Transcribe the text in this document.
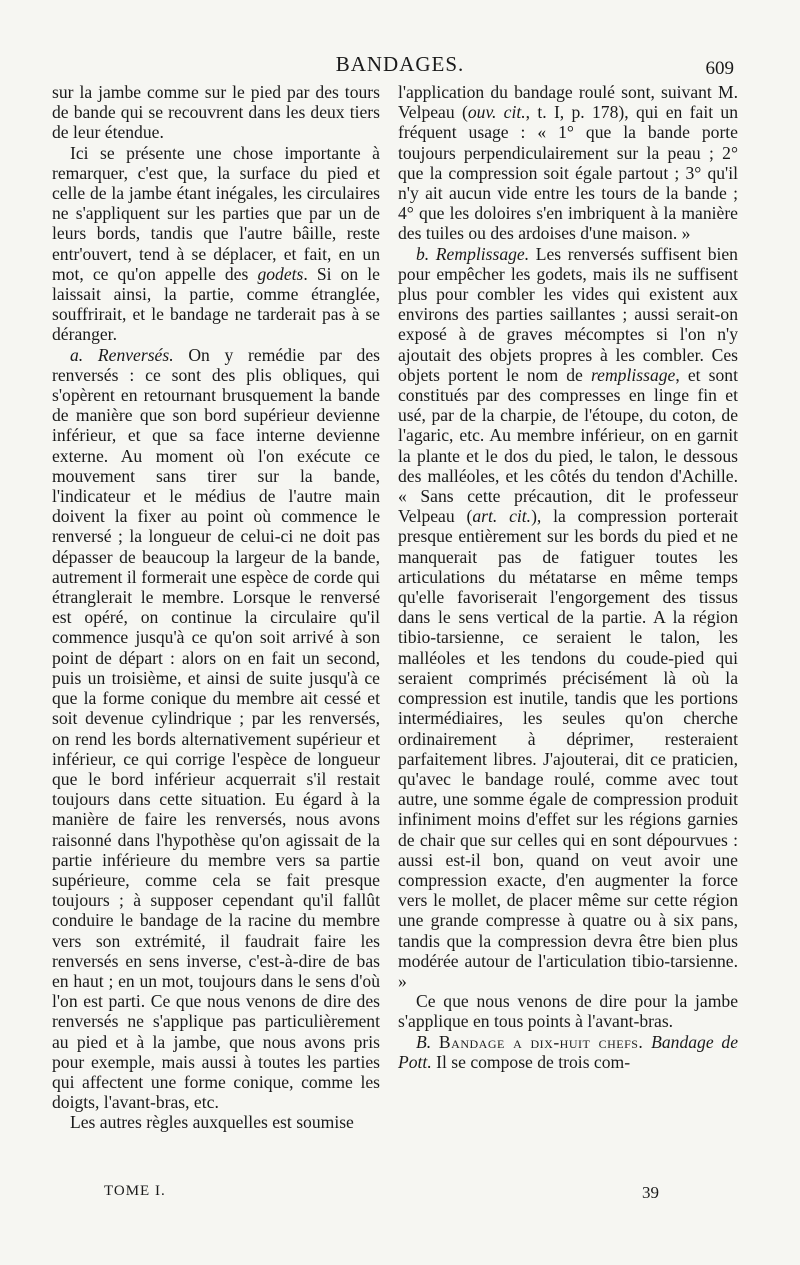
BANDAGES.	609

sur la jambe comme sur le pied par des tours de bande qui se recouvrent dans les deux tiers de leur étendue.

Ici se présente une chose importante à remarquer, c'est que, la surface du pied et celle de la jambe étant inégales, les circulaires ne s'appliquent sur les parties que par un de leurs bords, tandis que l'autre bâille, reste entr'ouvert, tend à se déplacer, et fait, en un mot, ce qu'on appelle des godets. Si on le laissait ainsi, la partie, comme étranglée, souffrirait, et le bandage ne tarderait pas à se déranger.

a. Renversés. On y remédie par des renversés : ce sont des plis obliques, qui s'opèrent en retournant brusquement la bande de manière que son bord supérieur devienne inférieur, et que sa face interne devienne externe. Au moment où l'on exécute ce mouvement sans tirer sur la bande, l'indicateur et le médius de l'autre main doivent la fixer au point où commence le renversé ; la longueur de celui-ci ne doit pas dépasser de beaucoup la largeur de la bande, autrement il formerait une espèce de corde qui étranglerait le membre. Lorsque le renversé est opéré, on continue la circulaire qu'il commence jusqu'à ce qu'on soit arrivé à son point de départ : alors on en fait un second, puis un troisième, et ainsi de suite jusqu'à ce que la forme conique du membre ait cessé et soit devenue cylindrique ; par les renversés, on rend les bords alternativement supérieur et inférieur, ce qui corrige l'espèce de longueur que le bord inférieur acquerrait s'il restait toujours dans cette situation. Eu égard à la manière de faire les renversés, nous avons raisonné dans l'hypothèse qu'on agissait de la partie inférieure du membre vers sa partie supérieure, comme cela se fait presque toujours ; à supposer cependant qu'il fallût conduire le bandage de la racine du membre vers son extrémité, il faudrait faire les renversés en sens inverse, c'est-à-dire de bas en haut ; en un mot, toujours dans le sens d'où l'on est parti. Ce que nous venons de dire des renversés ne s'applique pas particulièrement au pied et à la jambe, que nous avons pris pour exemple, mais aussi à toutes les parties qui affectent une forme conique, comme les doigts, l'avant-bras, etc.

Les autres règles auxquelles est soumise

l'application du bandage roulé sont, suivant M. Velpeau (ouv. cit., t. I, p. 178), qui en fait un fréquent usage : « 1° que la bande porte toujours perpendiculairement sur la peau ; 2° que la compression soit égale partout ; 3° qu'il n'y ait aucun vide entre les tours de la bande ; 4° que les doloires s'en imbriquent à la manière des tuiles ou des ardoises d'une maison. »

b. Remplissage. Les renversés suffisent bien pour empêcher les godets, mais ils ne suffisent plus pour combler les vides qui existent aux environs des parties saillantes ; aussi serait-on exposé à de graves mécomptes si l'on n'y ajoutait des objets propres à les combler. Ces objets portent le nom de remplissage, et sont constitués par des compresses en linge fin et usé, par de la charpie, de l'étoupe, du coton, de l'agaric, etc. Au membre inférieur, on en garnit la plante et le dos du pied, le talon, le dessous des malléoles, et les côtés du tendon d'Achille. « Sans cette précaution, dit le professeur Velpeau (art. cit.), la compression porterait presque entièrement sur les bords du pied et ne manquerait pas de fatiguer toutes les articulations du métatarse en même temps qu'elle favoriserait l'engorgement des tissus dans le sens vertical de la partie. A la région tibio-tarsienne, ce seraient le talon, les malléoles et les tendons du coude-pied qui seraient comprimés précisément là où la compression est inutile, tandis que les portions intermédiaires, les seules qu'on cherche ordinairement à déprimer, resteraient parfaitement libres. J'ajouterai, dit ce praticien, qu'avec le bandage roulé, comme avec tout autre, une somme égale de compression produit infiniment moins d'effet sur les régions garnies de chair que sur celles qui en sont dépourvues : aussi est-il bon, quand on veut avoir une compression exacte, d'en augmenter la force vers le mollet, de placer même sur cette région une grande compresse à quatre ou à six pans, tandis que la compression devra être bien plus modérée autour de l'articulation tibio-tarsienne. »

Ce que nous venons de dire pour la jambe s'applique en tous points à l'avant-bras.

B. Bandage a dix-huit chefs. Bandage de Pott. Il se compose de trois com-

TOME I.	39
